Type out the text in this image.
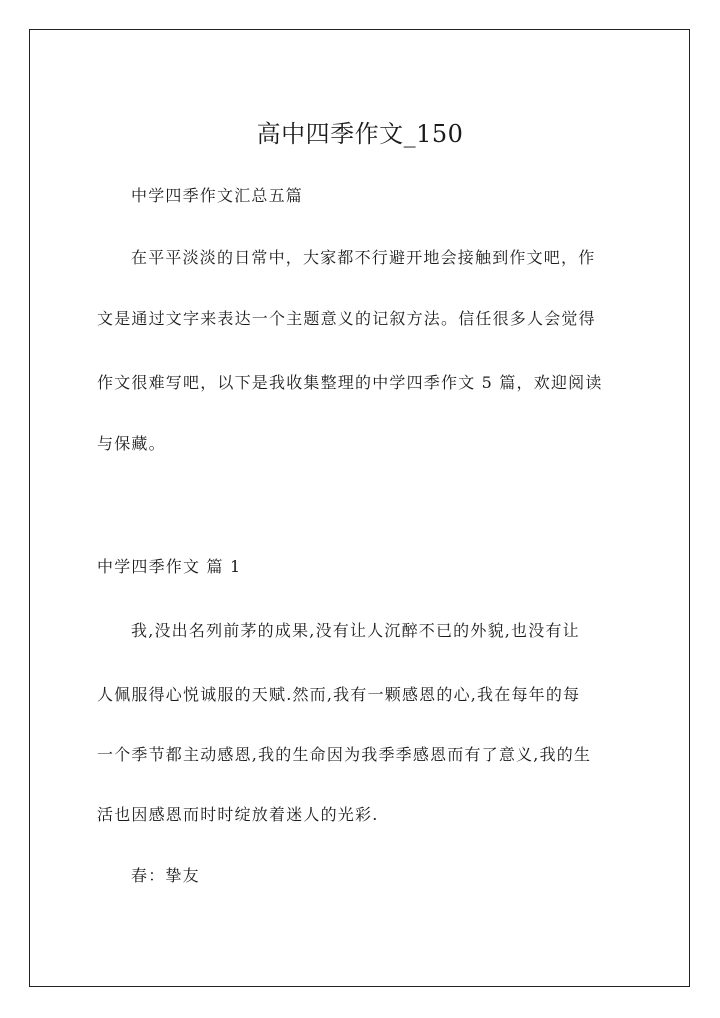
高中四季作文_150
中学四季作文汇总五篇
在平平淡淡的日常中，大家都不行避开地会接触到作文吧，作
文是通过文字来表达一个主题意义的记叙方法。信任很多人会觉得
作文很难写吧，以下是我收集整理的中学四季作文 5 篇，欢迎阅读
与保藏。
中学四季作文 篇 1
我,没出名列前茅的成果,没有让人沉醉不已的外貌,也没有让
人佩服得心悦诚服的天赋.然而,我有一颗感恩的心,我在每年的每
一个季节都主动感恩,我的生命因为我季季感恩而有了意义,我的生
活也因感恩而时时绽放着迷人的光彩.
春：挚友
